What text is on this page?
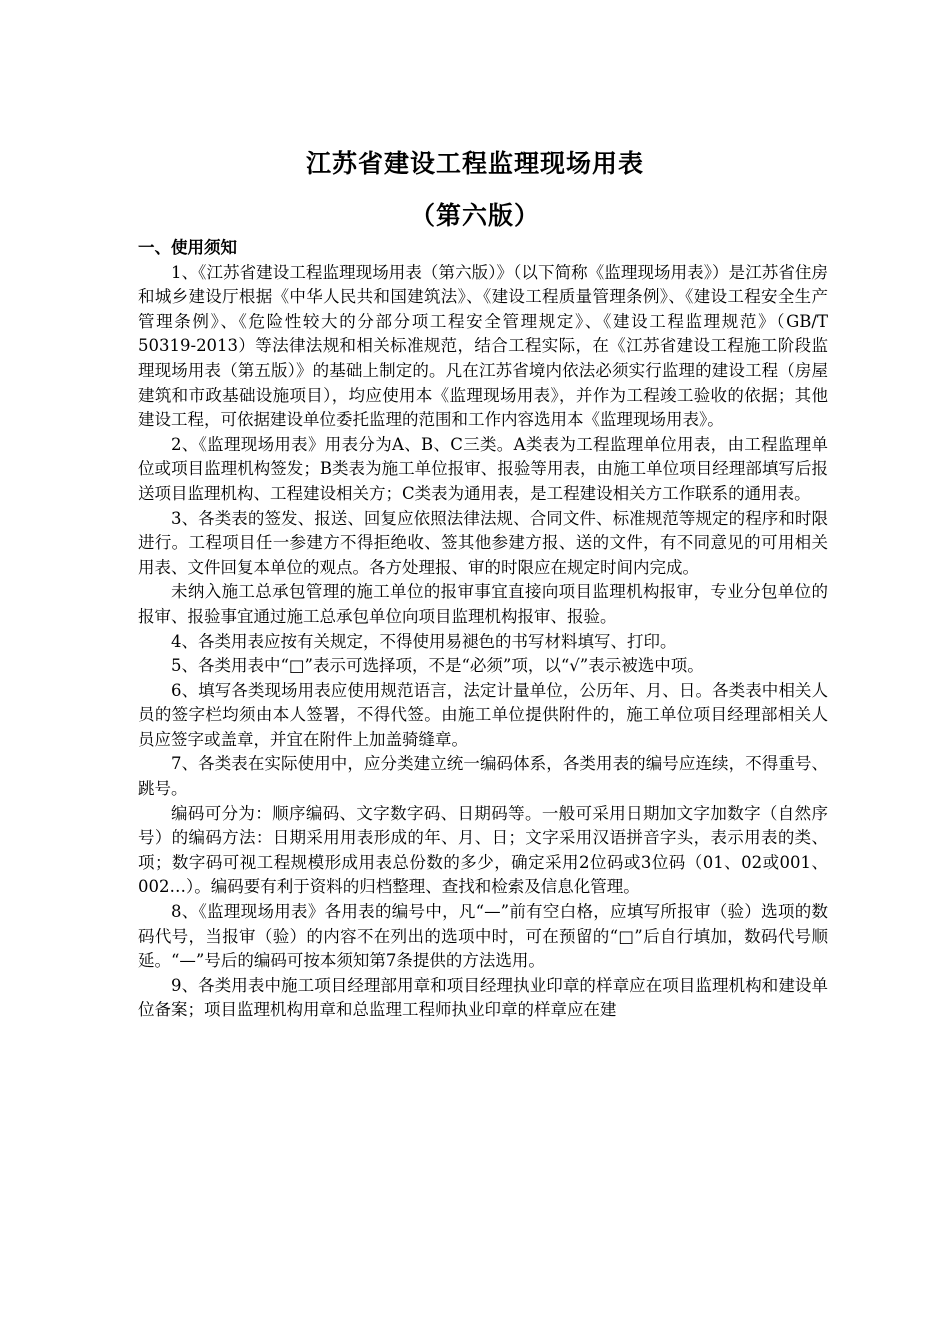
江苏省建设工程监理现场用表
（第六版）

一、使用须知

1、《江苏省建设工程监理现场用表（第六版）》（以下简称《监理现场用表》）是江苏省住房和城乡建设厅根据《中华人民共和国建筑法》、《建设工程质量管理条例》、《建设工程安全生产管理条例》、《危险性较大的分部分项工程安全管理规定》、《建设工程监理规范》（GB/T 50319-2013）等法律法规和相关标准规范，结合工程实际，在《江苏省建设工程施工阶段监理现场用表（第五版）》的基础上制定的。凡在江苏省境内依法必须实行监理的建设工程（房屋建筑和市政基础设施项目），均应使用本《监理现场用表》，并作为工程竣工验收的依据；其他建设工程，可依据建设单位委托监理的范围和工作内容选用本《监理现场用表》。

2、《监理现场用表》用表分为A、B、C三类。A类表为工程监理单位用表，由工程监理单位或项目监理机构签发；B类表为施工单位报审、报验等用表，由施工单位项目经理部填写后报送项目监理机构、工程建设相关方；C类表为通用表，是工程建设相关方工作联系的通用表。

3、各类表的签发、报送、回复应依照法律法规、合同文件、标准规范等规定的程序和时限进行。工程项目任一参建方不得拒绝收、签其他参建方报、送的文件，有不同意见的可用相关用表、文件回复本单位的观点。各方处理报、审的时限应在规定时间内完成。

未纳入施工总承包管理的施工单位的报审事宜直接向项目监理机构报审，专业分包单位的报审、报验事宜通过施工总承包单位向项目监理机构报审、报验。

4、各类用表应按有关规定，不得使用易褪色的书写材料填写、打印。

5、各类用表中“□”表示可选择项，不是“必须”项，以“√”表示被选中项。

6、填写各类现场用表应使用规范语言，法定计量单位，公历年、月、日。各类表中相关人员的签字栏均须由本人签署，不得代签。由施工单位提供附件的，施工单位项目经理部相关人员应签字或盖章，并宜在附件上加盖骑缝章。

7、各类表在实际使用中，应分类建立统一编码体系，各类用表的编号应连续，不得重号、跳号。

编码可分为：顺序编码、文字数字码、日期码等。一般可采用日期加文字加数字（自然序号）的编码方法：日期采用用表形成的年、月、日；文字采用汉语拼音字头，表示用表的类、项；数字码可视工程规模形成用表总份数的多少，确定采用2位码或3位码（01、02或001、002…）。编码要有利于资料的归档整理、查找和检索及信息化管理。

8、《监理现场用表》各用表的编号中，凡“—”前有空白格，应填写所报审（验）选项的数码代号，当报审（验）的内容不在列出的选项中时，可在预留的“□”后自行填加，数码代号顺延。“—”号后的编码可按本须知第7条提供的方法选用。

9、各类用表中施工项目经理部用章和项目经理执业印章的样章应在项目监理机构和建设单位备案；项目监理机构用章和总监理工程师执业印章的样章应在建
